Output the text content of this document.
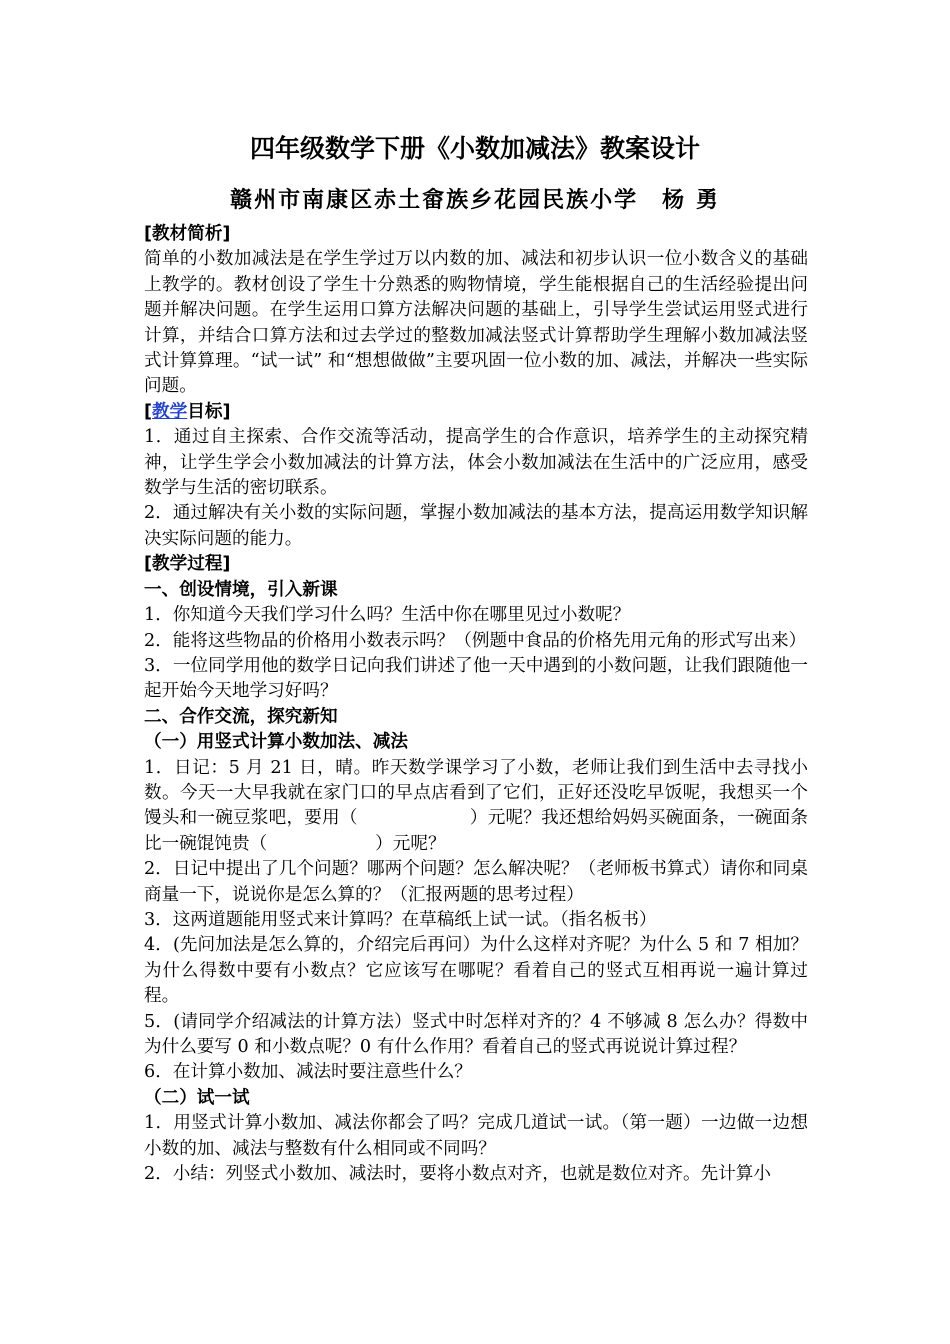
四年级数学下册《小数加减法》教案设计
赣州市南康区赤土畲族乡花园民族小学　杨 勇

[教材简析]

简单的小数加减法是在学生学过万以内数的加、减法和初步认识一位小数含义的基础上教学的。教材创设了学生十分熟悉的购物情境，学生能根据自己的生活经验提出问题并解决问题。在学生运用口算方法解决问题的基础上，引导学生尝试运用竖式进行计算，并结合口算方法和过去学过的整数加减法竖式计算帮助学生理解小数加减法竖式计算算理。“试一试” 和“想想做做”主要巩固一位小数的加、减法，并解决一些实际问题。

[教学目标]

1．通过自主探索、合作交流等活动，提高学生的合作意识，培养学生的主动探究精神，让学生学会小数加减法的计算方法，体会小数加减法在生活中的广泛应用，感受数学与生活的密切联系。

2．通过解决有关小数的实际问题，掌握小数加减法的基本方法，提高运用数学知识解决实际问题的能力。

[教学过程]

一、创设情境，引入新课

1．你知道今天我们学习什么吗？生活中你在哪里见过小数呢？

2．能将这些物品的价格用小数表示吗？（例题中食品的价格先用元角的形式写出来）

3．一位同学用他的数学日记向我们讲述了他一天中遇到的小数问题，让我们跟随他一起开始今天地学习好吗？

二、合作交流，探究新知

（一）用竖式计算小数加法、减法

1．日记：5 月 21 日，晴。昨天数学课学习了小数，老师让我们到生活中去寻找小数。今天一大早我就在家门口的早点店看到了它们，正好还没吃早饭呢，我想买一个馒头和一碗豆浆吧，要用（	）元呢？我还想给妈妈买碗面条，一碗面条比一碗馄饨贵（	）元呢？

2．日记中提出了几个问题？哪两个问题？怎么解决呢？（老师板书算式）请你和同桌商量一下，说说你是怎么算的？（汇报两题的思考过程）

3．这两道题能用竖式来计算吗？在草稿纸上试一试。（指名板书）

4．(先问加法是怎么算的，介绍完后再问）为什么这样对齐呢？为什么 5 和 7 相加？为什么得数中要有小数点？它应该写在哪呢？看着自己的竖式互相再说一遍计算过程。

5．(请同学介绍减法的计算方法）竖式中时怎样对齐的？4 不够减 8 怎么办？得数中为什么要写 0 和小数点呢？0 有什么作用？看着自己的竖式再说说计算过程？

6．在计算小数加、减法时要注意些什么？

（二）试一试

1．用竖式计算小数加、减法你都会了吗？完成几道试一试。（第一题）一边做一边想小数的加、减法与整数有什么相同或不同吗？

2．小结：列竖式小数加、减法时，要将小数点对齐，也就是数位对齐。先计算小
